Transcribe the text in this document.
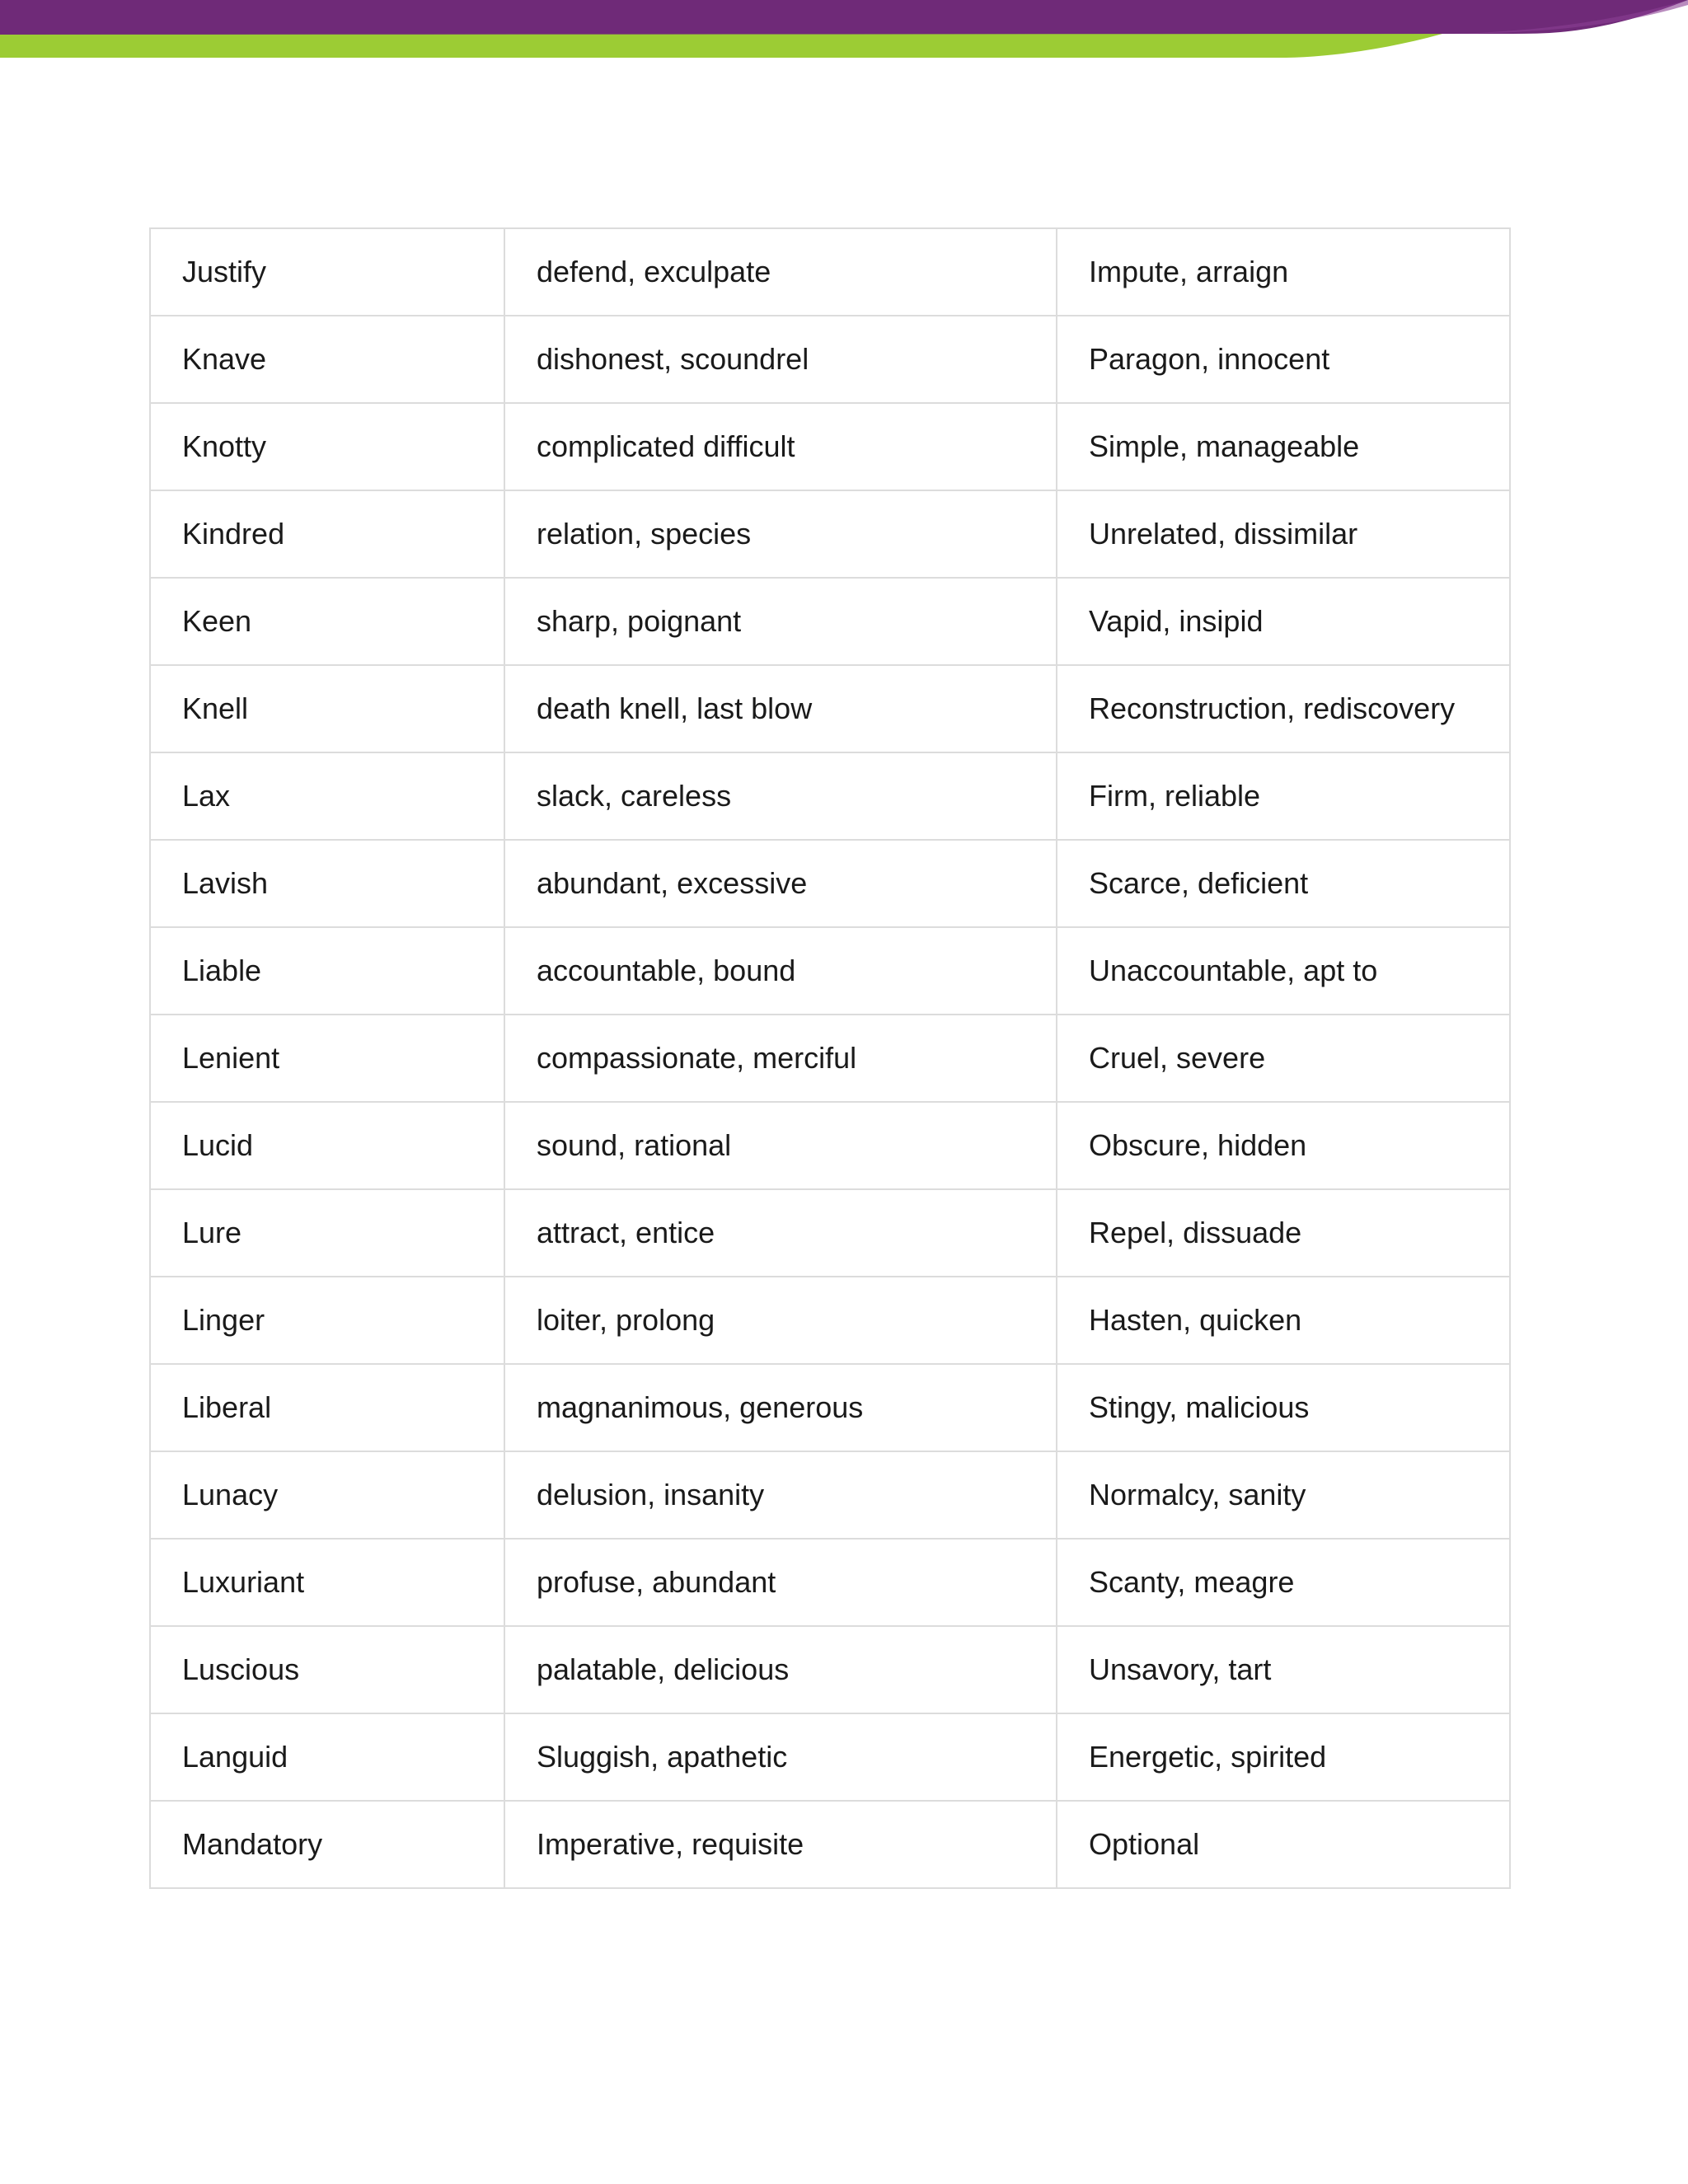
Justify	defend, exculpate	Impute, arraign
Knave	dishonest, scoundrel	Paragon, innocent
Knotty	complicated difficult	Simple, manageable
Kindred	relation, species	Unrelated, dissimilar
Keen	sharp, poignant	Vapid, insipid
Knell	death knell, last blow	Reconstruction, rediscovery
Lax	slack, careless	Firm, reliable
Lavish	abundant, excessive	Scarce, deficient
Liable	accountable, bound	Unaccountable, apt to
Lenient	compassionate, merciful	Cruel, severe
Lucid	sound, rational	Obscure, hidden
Lure	attract, entice	Repel, dissuade
Linger	loiter, prolong	Hasten, quicken
Liberal	magnanimous, generous	Stingy, malicious
Lunacy	delusion, insanity	Normalcy, sanity
Luxuriant	profuse, abundant	Scanty, meagre
Luscious	palatable, delicious	Unsavory, tart
Languid	Sluggish, apathetic	Energetic, spirited
Mandatory	Imperative, requisite	Optional
